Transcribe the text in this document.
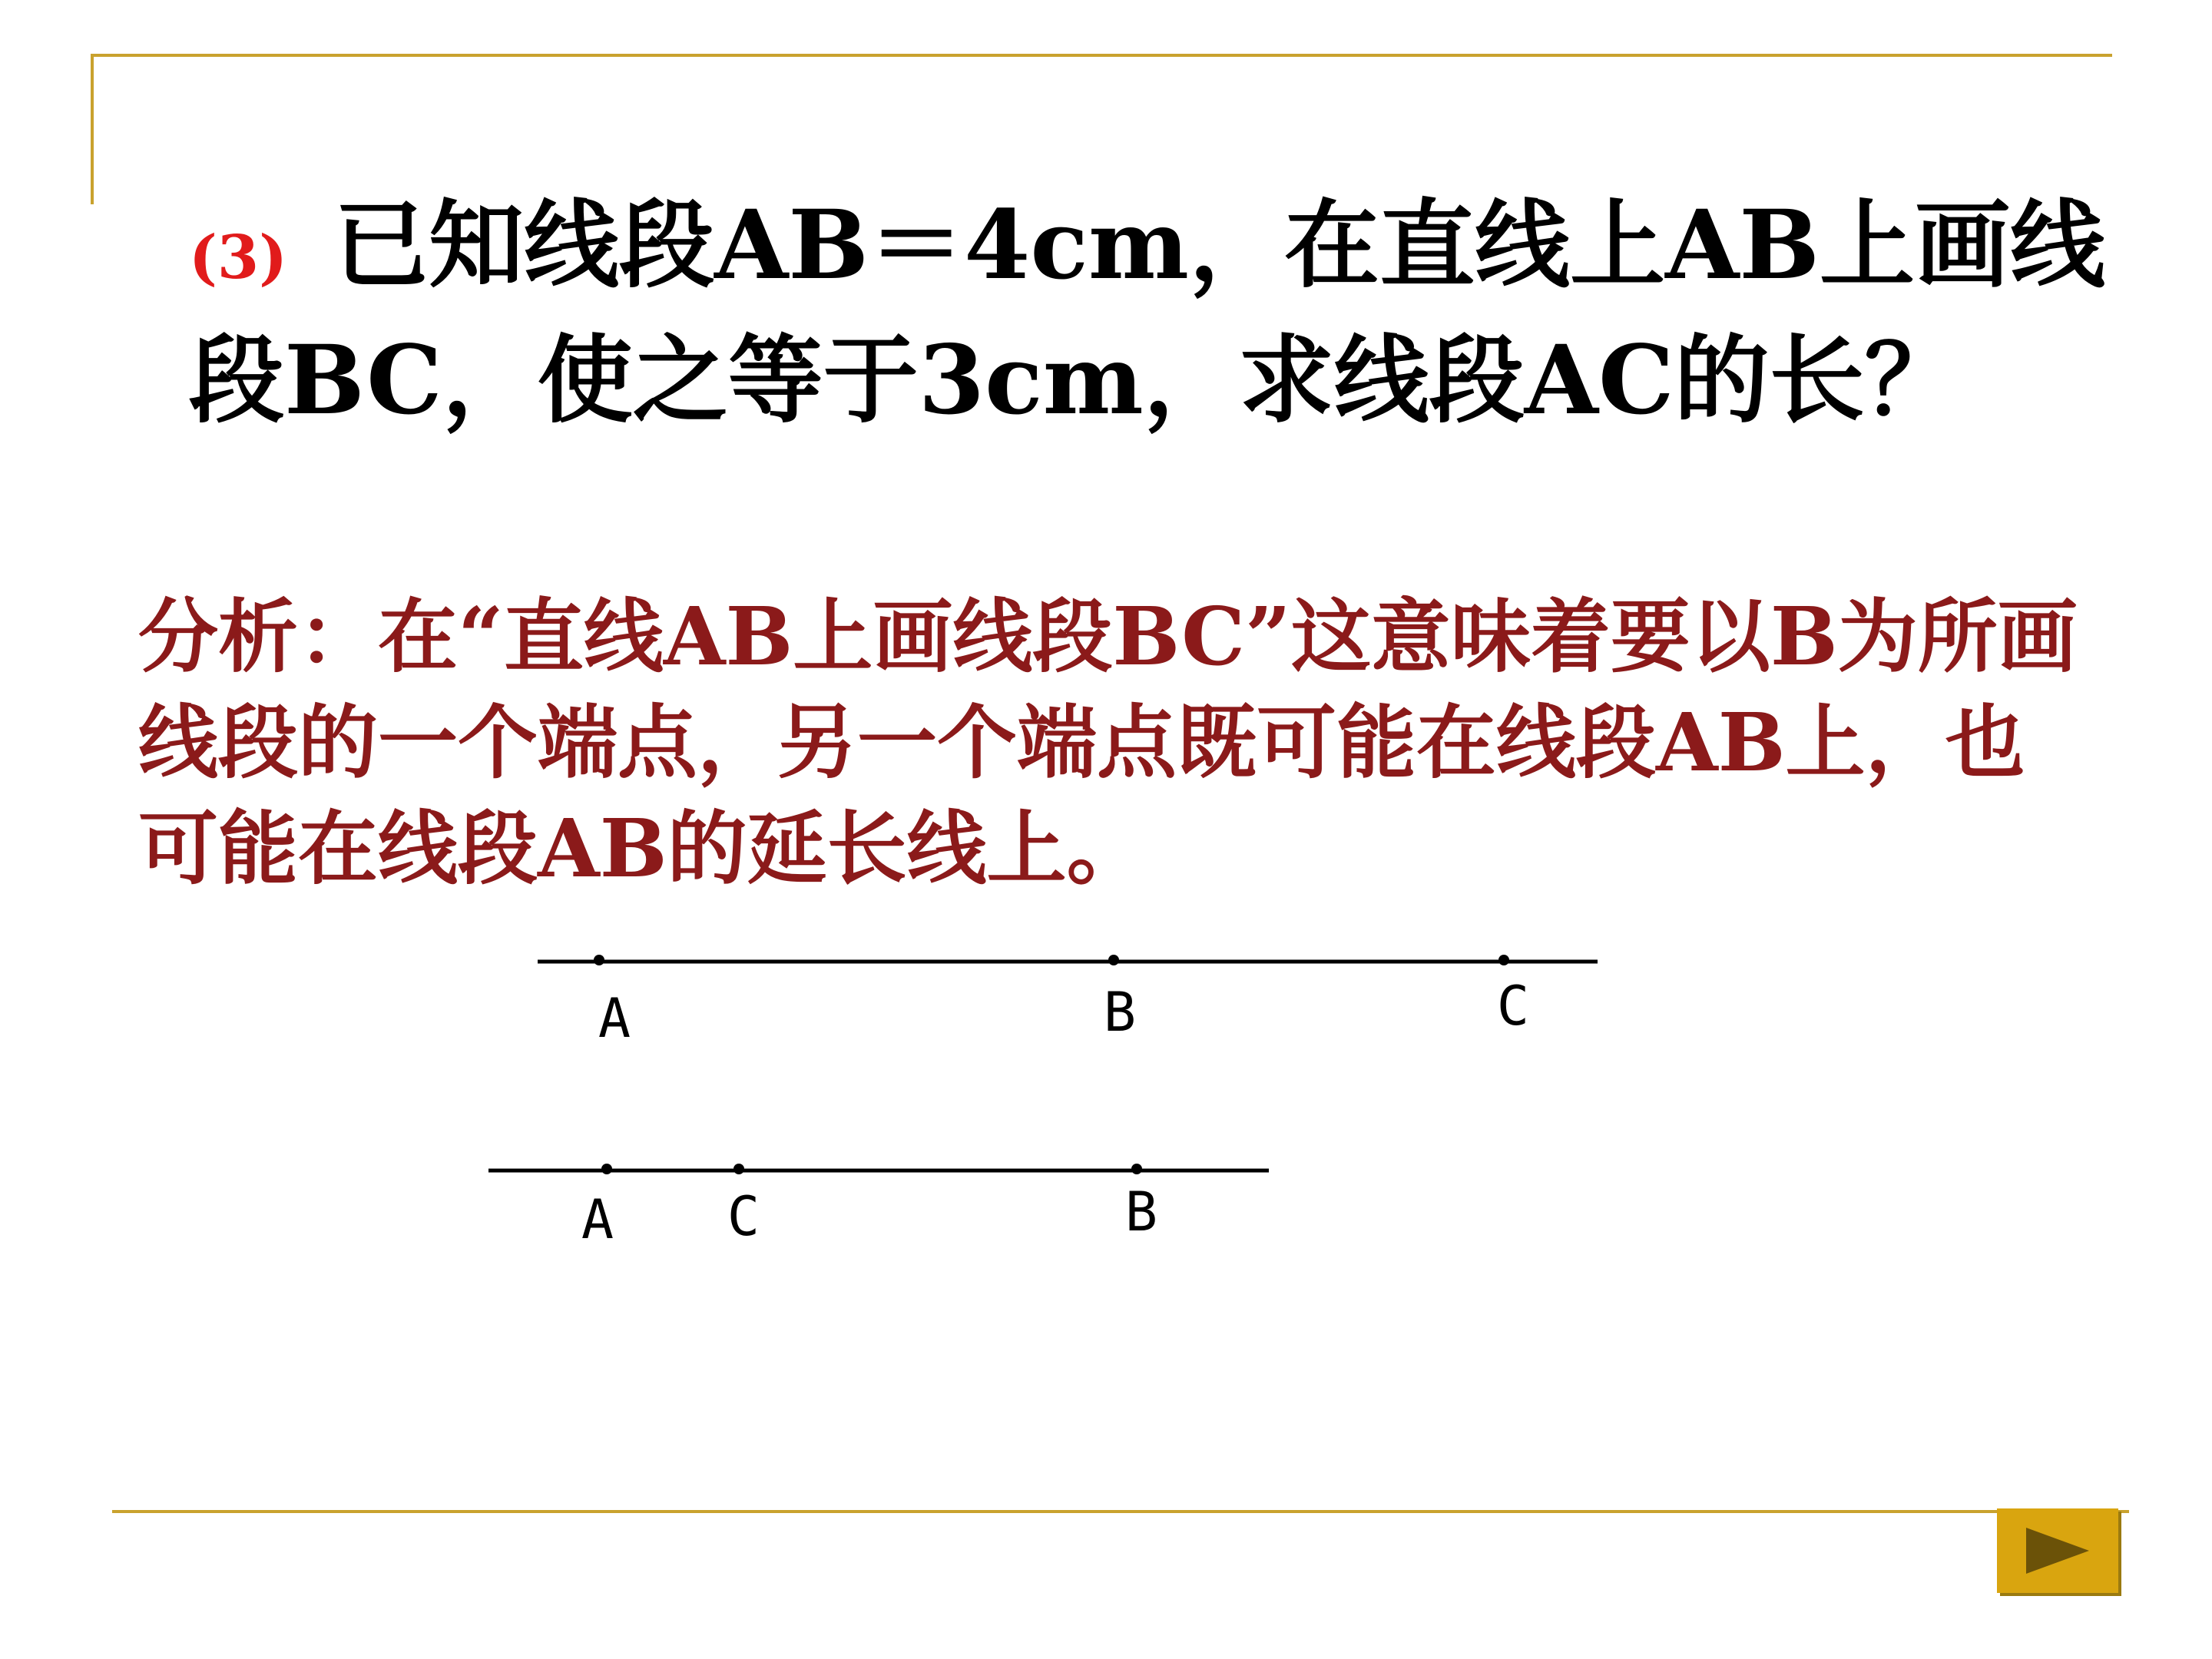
(3) 已知线段AB＝4cm，在直线上AB上画线段BC，使之等于3cm，求线段AC的长？

分析：在“直线AB上画线段BC”这意味着要以B为所画线段的一个端点，另一个端点既可能在线段AB上，也可能在线段AB的延长线上。

A	B	C
A C	B
